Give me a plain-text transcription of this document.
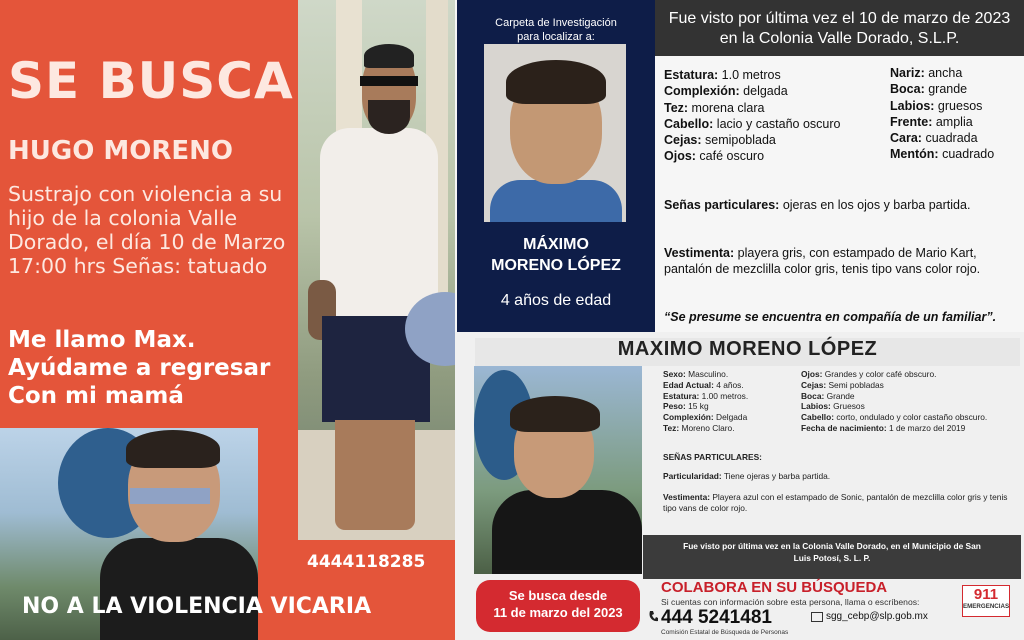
SE BUSCA
HUGO MORENO
Sustrajo con violencia a su hijo de la colonia Valle Dorado, el día 10 de Marzo 17:00 hrs Señas: tatuado
Me llamo Max.
Ayúdame a regresar
Con mi mamá
4444118285
NO A LA VIOLENCIA VICARIA
Carpeta de Investigación
para localizar a:
MÁXIMO
MORENO LÓPEZ
4 años de edad
Fue visto por última vez el 10 de marzo de 2023
en la Colonia Valle Dorado, S.L.P.
Estatura: 1.0 metros
Complexión: delgada
Tez: morena clara
Cabello: lacio y castaño oscuro
Cejas: semipoblada
Ojos: café oscuro
Nariz: ancha
Boca: grande
Labios: gruesos
Frente: amplia
Cara: cuadrada
Mentón: cuadrado
Señas particulares: ojeras en los ojos y barba partida.
Vestimenta: playera gris, con estampado de Mario Kart, pantalón de mezclilla color gris, tenis tipo vans color rojo.
“Se presume se encuentra en compañía de un familiar”.
MAXIMO MORENO LÓPEZ
Sexo: Masculino.
Edad Actual: 4 años.
Estatura: 1.00 metros.
Peso: 15 kg
Complexión: Delgada
Tez: Moreno Claro.
Ojos: Grandes y color café obscuro.
Cejas: Semi pobladas
Boca: Grande
Labios: Gruesos
Cabello: corto, ondulado y color castaño obscuro.
Fecha de nacimiento: 1 de marzo del 2019
SEÑAS PARTICULARES:
Particularidad: Tiene ojeras y barba partida.
Vestimenta: Playera azul con el estampado de Sonic, pantalón de mezclilla color gris y tenis tipo vans de color rojo.
Fue visto por última vez en la Colonia Valle Dorado, en el Municipio de San
Luis Potosí, S. L. P.
Se busca desde
11 de marzo del 2023
COLABORA EN SU BÚSQUEDA
Si cuentas con información sobre esta persona, llama o escríbenos:
444 5241481
Comisión Estatal de Búsqueda de Personas
sgg_cebp@slp.gob.mx
911
EMERGENCIAS
